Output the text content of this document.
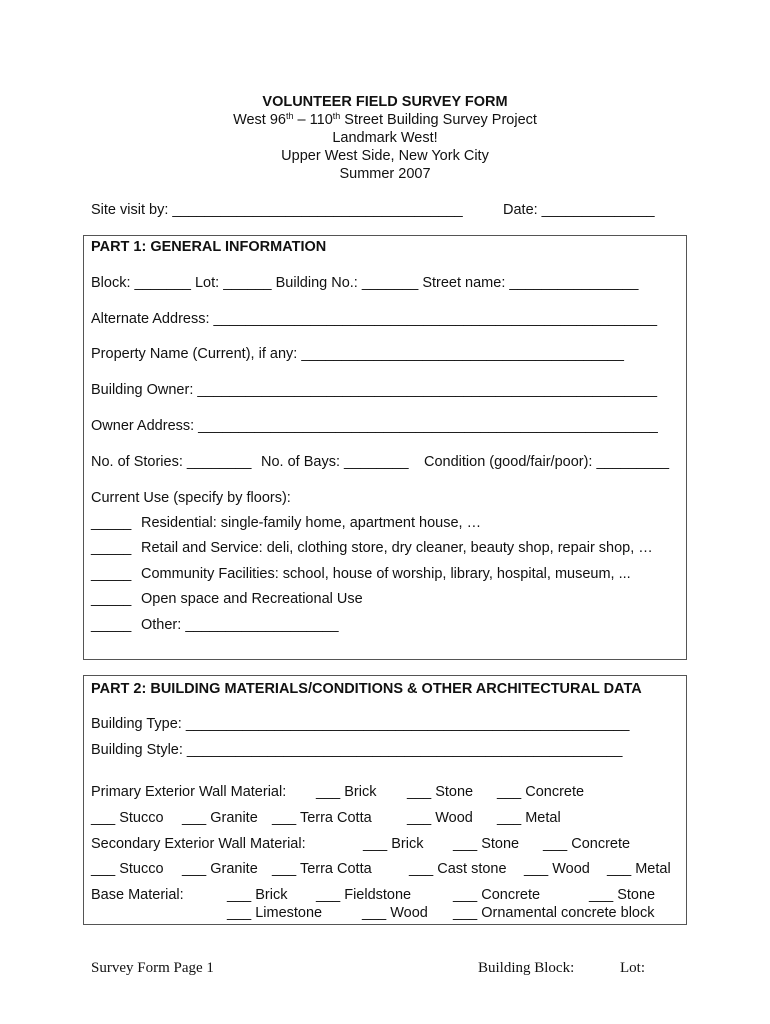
VOLUNTEER FIELD SURVEY FORM
West 96th – 110th Street Building Survey Project
Landmark West!
Upper West Side, New York City
Summer 2007
Site visit by: ____________________________________	Date: ______________
PART 1: GENERAL INFORMATION
Block: _______ Lot: ______ Building No.: _______ Street name: ________________
Alternate Address: _______________________________________________________
Property Name (Current), if any: ________________________________________
Building Owner: _________________________________________________________
Owner Address: _________________________________________________________
No. of Stories: ________ No. of Bays: ________ Condition (good/fair/poor): _________
Current Use (specify by floors):
_____ Residential: single-family home, apartment house, …
_____ Retail and Service: deli, clothing store, dry cleaner, beauty shop, repair shop, …
_____ Community Facilities: school, house of worship, library, hospital, museum, ...
_____ Open space and Recreational Use
_____ Other: ___________________
PART 2: BUILDING MATERIALS/CONDITIONS & OTHER ARCHITECTURAL DATA
Building Type: _______________________________________________________
Building Style: ______________________________________________________
Primary Exterior Wall Material: ___ Brick ___ Stone ___ Concrete
___ Stucco ___ Granite ___ Terra Cotta ___ Wood ___ Metal
Secondary Exterior Wall Material:	___ Brick ___ Stone ___ Concrete
___ Stucco ___ Granite ___ Terra Cotta	___ Cast stone ___ Wood ___ Metal
Base Material:	___ Brick ___ Fieldstone	___ Concrete	___ Stone
___ Limestone	___ Wood ___ Ornamental concrete block
Survey Form Page 1	Building Block:	Lot:
